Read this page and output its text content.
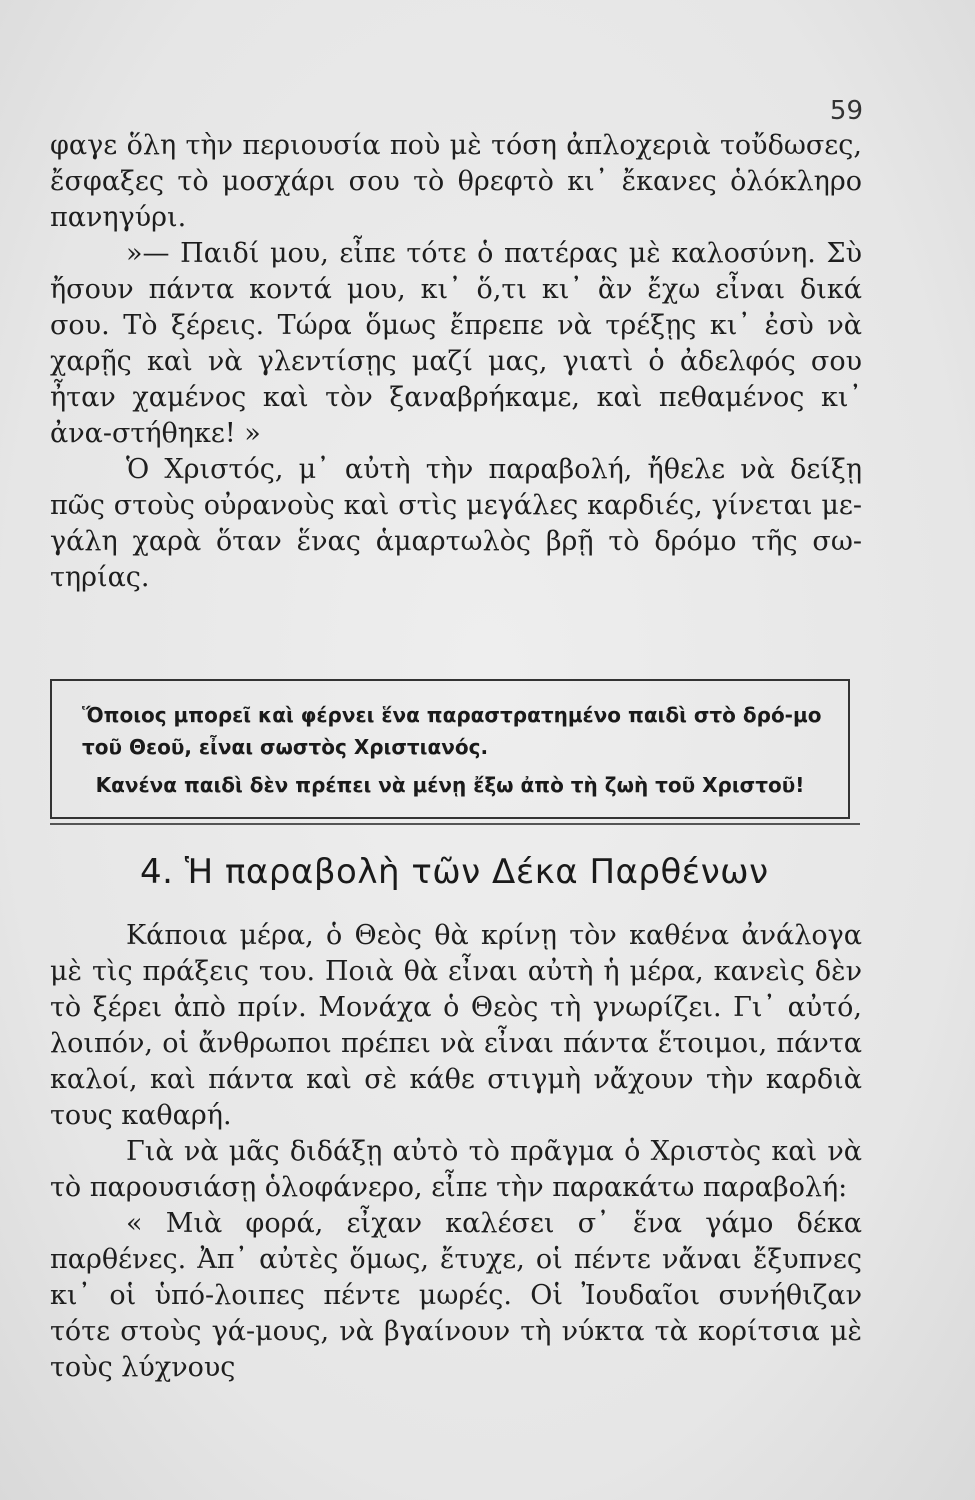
59

φαγε ὅλη τὴν περιουσία ποὺ μὲ τόση ἀπλοχεριὰ τοὔδωσες, ἔσφαξες τὸ μοσχάρι σου τὸ θρεφτὸ κι᾿ ἔκανες ὁλόκληρο πανηγύρι.

»— Παιδί μου, εἶπε τότε ὁ πατέρας μὲ καλοσύνη. Σὺ ἤσουν πάντα κοντά μου, κι᾿ ὅ,τι κι᾿ ἂν ἔχω εἶναι δικά σου. Τὸ ξέρεις. Τώρα ὅμως ἔπρεπε νὰ τρέξῃς κι᾿ ἐσὺ νὰ χαρῇς καὶ νὰ γλεντίσῃς μαζί μας, γιατὶ ὁ ἀδελφός σου ἦταν χαμένος καὶ τὸν ξαναβρήκαμε, καὶ πεθαμένος κι᾿ ἀνα-στήθηκε! »

Ὁ Χριστός, μ᾿ αὐτὴ τὴν παραβολή, ἤθελε νὰ δείξῃ πῶς στοὺς οὐρανοὺς καὶ στὶς μεγάλες καρδιές, γίνεται με-γάλη χαρὰ ὅταν ἕνας ἁμαρτωλὸς βρῇ τὸ δρόμο τῆς σω-τηρίας.

Ὅποιος μπορεῖ καὶ φέρνει ἕνα παραστρατημένο παιδὶ στὸ δρό-μο τοῦ Θεοῦ, εἶναι σωστὸς Χριστιανός.
Κανένα παιδὶ δὲν πρέπει νὰ μένῃ ἔξω ἀπὸ τὴ ζωὴ τοῦ Χριστοῦ!
4. Ἡ παραβολὴ τῶν Δέκα Παρθένων

Κάποια μέρα, ὁ Θεὸς θὰ κρίνῃ τὸν καθένα ἀνάλογα μὲ τὶς πράξεις του. Ποιὰ θὰ εἶναι αὐτὴ ἡ μέρα, κανεὶς δὲν τὸ ξέρει ἀπὸ πρίν. Μονάχα ὁ Θεὸς τὴ γνωρίζει. Γι᾿ αὐτό, λοιπόν, οἱ ἄνθρωποι πρέπει νὰ εἶναι πάντα ἕτοιμοι, πάντα καλοί, καὶ πάντα καὶ σὲ κάθε στιγμὴ νἄχουν τὴν καρδιὰ τους καθαρή.

Γιὰ νὰ μᾶς διδάξῃ αὐτὸ τὸ πρᾶγμα ὁ Χριστὸς καὶ νὰ τὸ παρουσιάσῃ ὁλοφάνερο, εἶπε τὴν παρακάτω παραβολή:

« Μιὰ φορά, εἶχαν καλέσει σ᾿ ἕνα γάμο δέκα παρθένες. Ἀπ᾿ αὐτὲς ὅμως, ἔτυχε, οἱ πέντε νἄναι ἔξυπνες κι᾿ οἱ ὑπό-λοιπες πέντε μωρές. Οἱ Ἰουδαῖοι συνήθιζαν τότε στοὺς γά-μους, νὰ βγαίνουν τὴ νύκτα τὰ κορίτσια μὲ τοὺς λύχνους
